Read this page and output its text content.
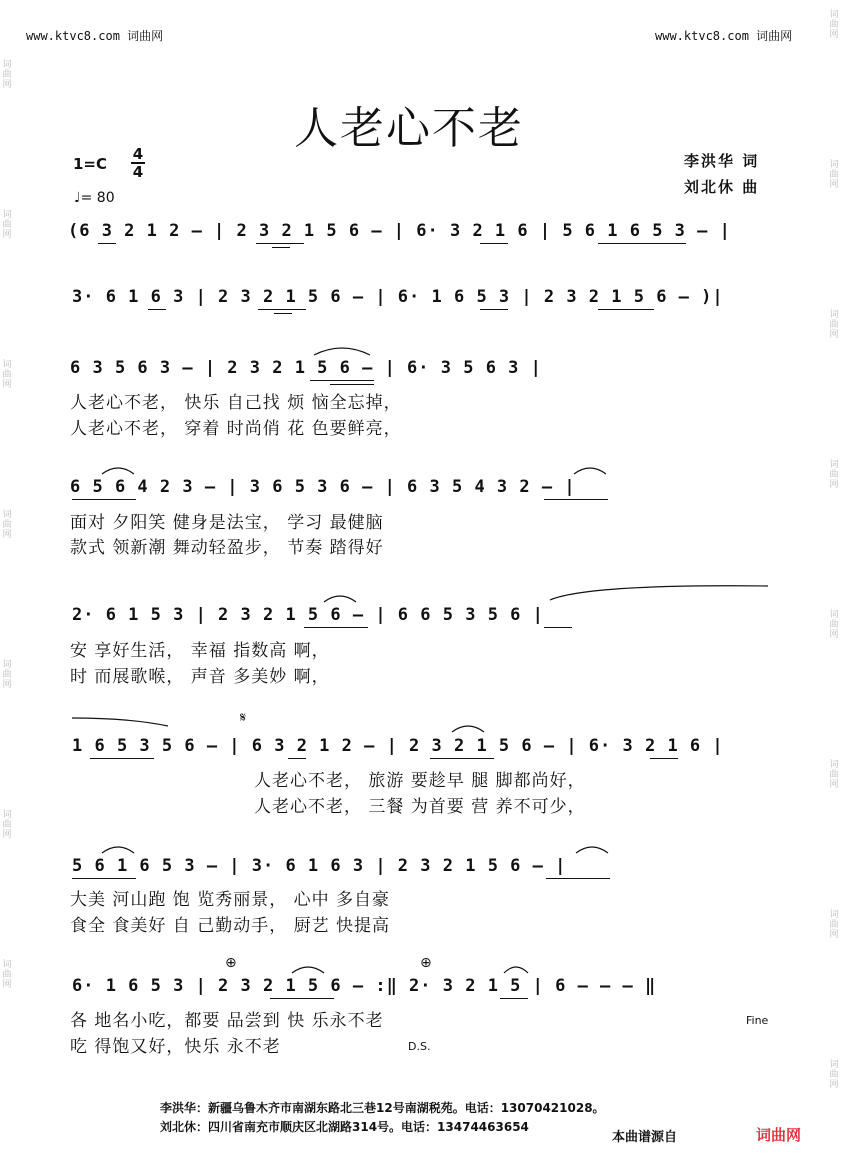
词曲网
词曲网
词曲网
词曲网
词曲网
词曲网
词曲网
词曲网
词曲网
词曲网
词曲网
词曲网
词曲网
词曲网
词曲网
www.ktvc8.com 词曲网	www.ktvc8.com 词曲网
人老心不老
1=C
4
4
♩= 80
李洪华 词
刘北休 曲
(6 3 2 1 2 – | 2 3 2 1 5 6 – | 6· 3 2 1 6 | 5 6 1 6 5 3 – |
3· 6 1 6 3 | 2 3 2 1 5 6 – | 6· 1 6 5 3 | 2 3 2 1 5 6 – )|
6 3 5 6 3 – | 2 3 2 1 5 6 – | 6· 3 5 6 3 |
人老心不老， 快乐 自己找 烦 恼全忘掉，
人老心不老， 穿着 时尚俏 花 色要鲜亮，
6 5 6 4 2 3 – | 3 6 5 3 6 – | 6 3 5 4 3 2 – |
面对 夕阳笑 健身是法宝， 学习 最健脑
款式 领新潮 舞动轻盈步， 节奏 踏得好
2· 6 1 5 3 | 2 3 2 1 5 6 – | 6 6 5 3 5 6 |
安 享好生活， 幸福 指数高 啊，
时 而展歌喉， 声音 多美妙 啊，
𝄋
1 6 5 3 5 6 – | 6 3 2 1 2 – | 2 3 2 1 5 6 – | 6· 3 2 1 6 |
人老心不老， 旅游 要趁早 腿 脚都尚好，
人老心不老， 三餐 为首要 营 养不可少，
5 6 1 6 5 3 – | 3· 6 1 6 3 | 2 3 2 1 5 6 – |
大美 河山跑 饱 览秀丽景， 心中 多自豪
食全 食美好 自 己勤动手， 厨艺 快提高
⊕	⊕
6· 1 6 5 3 | 2 3 2 1 5 6 – :‖ 2· 3 2 1 5 | 6 – – – ‖
各 地名小吃，都要 品尝到 快 乐永不老
吃 得饱又好，快乐 永不老	D.S.
Fine
李洪华：新疆乌鲁木齐市南湖东路北三巷12号南湖税苑。电话：13070421028。
刘北休：四川省南充市顺庆区北湖路314号。电话：13474463654
本曲谱源自	词曲网
